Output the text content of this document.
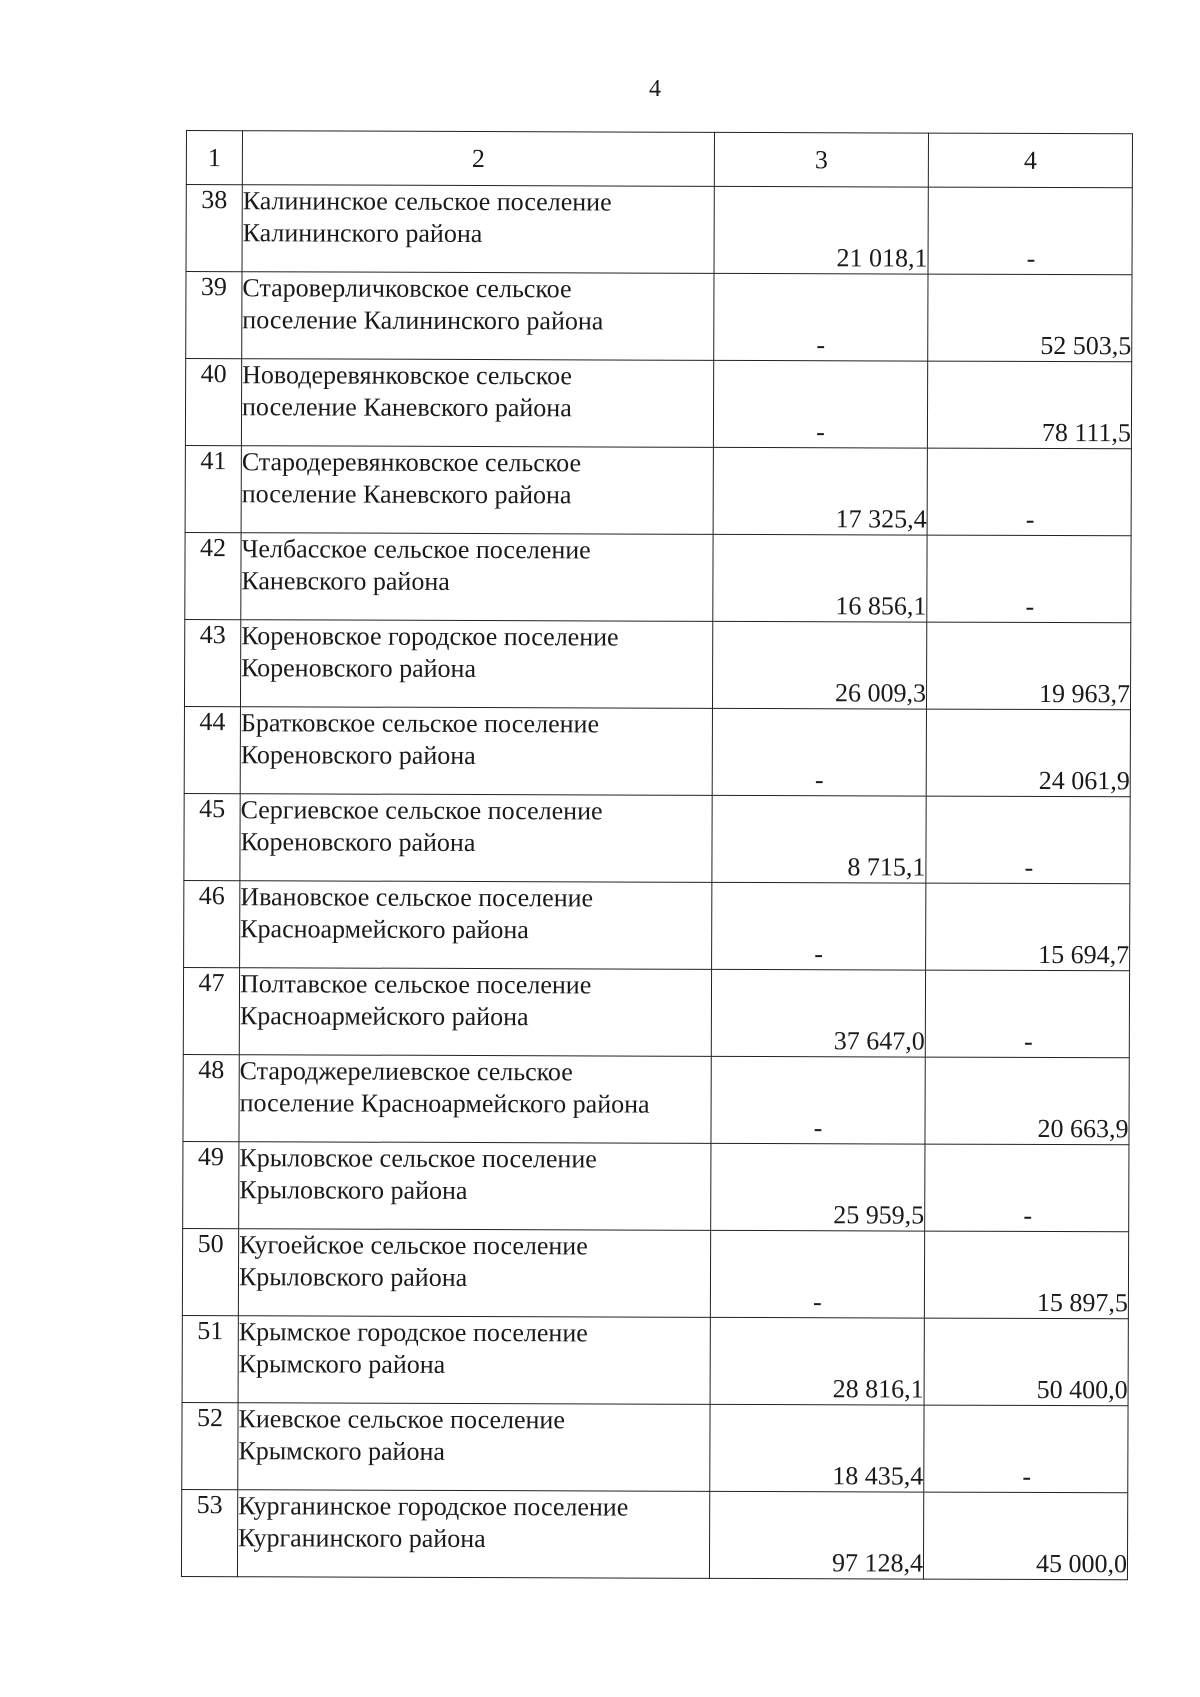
4
1	2	3	4
38	Калининское сельское поселение
Калининского района	21 018,1	-
39	Староверличковское сельское
поселение Калининского района	-	52 503,5
40	Новодеревянковское сельское
поселение Каневского района	-	78 111,5
41	Стародеревянковское сельское
поселение Каневского района	17 325,4	-
42	Челбасское сельское поселение
Каневского района	16 856,1	-
43	Кореновское городское поселение
Кореновского района	26 009,3	19 963,7
44	Братковское сельское поселение
Кореновского района	-	24 061,9
45	Сергиевское сельское поселение
Кореновского района	8 715,1	-
46	Ивановское сельское поселение
Красноармейского района	-	15 694,7
47	Полтавское сельское поселение
Красноармейского района	37 647,0	-
48	Староджерелиевское сельское
поселение Красноармейского района	-	20 663,9
49	Крыловское сельское поселение
Крыловского района	25 959,5	-
50	Кугоейское сельское поселение
Крыловского района	-	15 897,5
51	Крымское городское поселение
Крымского района	28 816,1	50 400,0
52	Киевское сельское поселение
Крымского района	18 435,4	-
53	Курганинское городское поселение
Курганинского района	97 128,4	45 000,0
